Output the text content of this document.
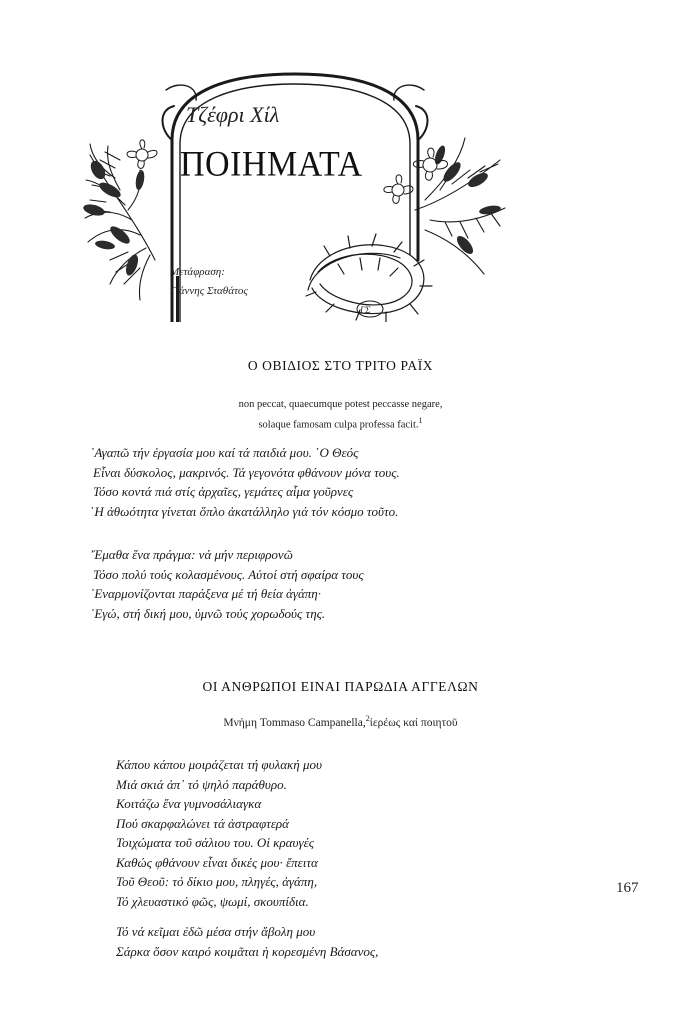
ΓΣ
Τζέφρι Χίλ
ΠΟΙΗΜΑΤΑ
Μετάφραση:
Γιάννης Σταθάτος
Ο ΟΒΙΔΙΟΣ ΣΤΟ ΤΡΙΤΟ ΡΑΪΧ
non peccat, quaecumque potest peccasse negare,
solaque famosam culpa professa facit.$^1$
᾿Αγαπῶ τήν ἐργασία μου καί τά παιδιά μου. ῾Ο Θεός
Εἶναι δύσκολος, μακρινός. Τά γεγονότα φθάνουν μόνα τους.
Τόσο κοντά πιά στίς ἀρχαῖες, γεμάτες αἷμα γοῦρνες
῾Η ἀθωότητα γίνεται ὅπλο ἀκατάλληλο γιά τόν κόσμο τοῦτο.
῎Εμαθα ἕνα πράγμα: νά μήν περιφρονῶ
Τόσο πολύ τούς κολασμένους. Αὐτοί στή σφαίρα τους
᾿Εναρμονίζονται παράξενα μέ τή θεία ἀγάπη·
᾿Εγώ, στή δική μου, ὑμνῶ τούς χορωδούς της.
ΟΙ ΑΝΘΡΩΠΟΙ ΕΙΝΑΙ ΠΑΡΩΔΙΑ ΑΓΓΕΛΩΝ
Μνήμη Tommaso Campanella,$^2$ἱερέως καί ποιητοῦ
Κάπου κάπου μοιράζεται τή φυλακή μου
Μιά σκιά ἀπ᾿ τό ψηλό παράθυρο.
Κοιτάζω ἕνα γυμνοσάλιαγκα
Πού σκαρφαλώνει τά ἀστραφτερά
Τοιχώματα τοῦ σάλιου του. Οἱ κραυγές
Καθώς φθάνουν εἶναι δικές μου· ἔπειτα
Τοῦ Θεοῦ: τό δίκιο μου, πληγές, ἀγάπη,
Τό χλευαστικό φῶς, ψωμί, σκουπίδια.
Τό νά κεῖμαι ἐδῶ μέσα στήν ἄβολη μου
Σάρκα ὅσον καιρό κοιμᾶται ἡ κορεσμένη Βάσανος,
167
